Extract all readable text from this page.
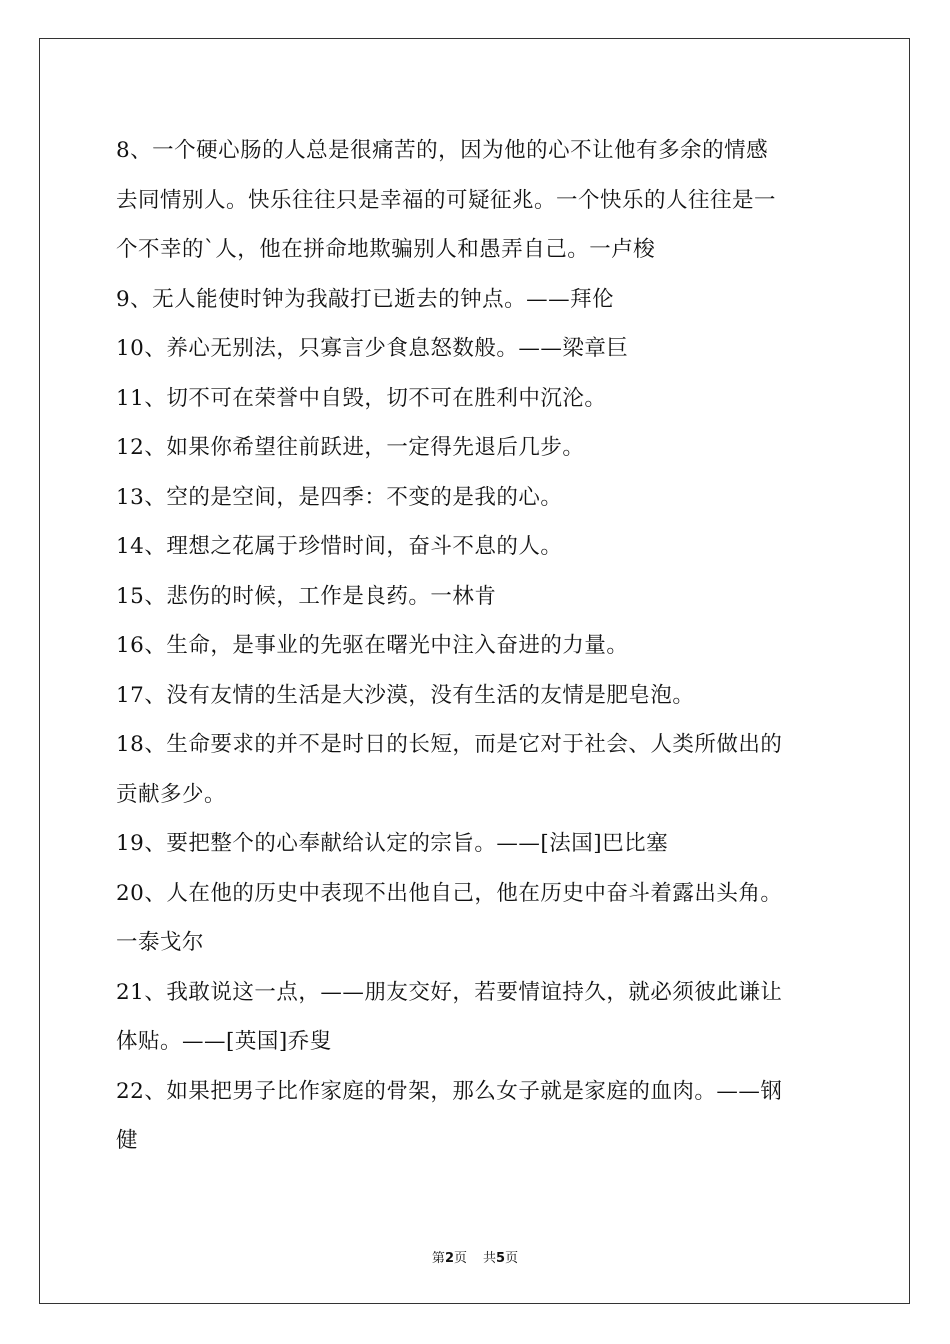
8、一个硬心肠的人总是很痛苦的，因为他的心不让他有多余的情感
去同情别人。快乐往往只是幸福的可疑征兆。一个快乐的人往往是一
个不幸的`人，他在拼命地欺骗别人和愚弄自己。一卢梭
9、无人能使时钟为我敲打已逝去的钟点。——拜伦
10、养心无别法，只寡言少食息怒数般。——梁章巨
11、切不可在荣誉中自毁，切不可在胜利中沉沦。
12、如果你希望往前跃进，一定得先退后几步。
13、空的是空间，是四季：不变的是我的心。
14、理想之花属于珍惜时间，奋斗不息的人。
15、悲伤的时候，工作是良药。一林肯
16、生命，是事业的先驱在曙光中注入奋进的力量。
17、没有友情的生活是大沙漠，没有生活的友情是肥皂泡。
18、生命要求的并不是时日的长短，而是它对于社会、人类所做出的
贡献多少。
19、要把整个的心奉献给认定的宗旨。——[法国]巴比塞
20、人在他的历史中表现不出他自己，他在历史中奋斗着露出头角。
一泰戈尔
21、我敢说这一点，——朋友交好，若要情谊持久，就必须彼此谦让
体贴。——[英国]乔叟
22、如果把男子比作家庭的骨架，那么女子就是家庭的血肉。——钢
健
第2页 共5页
